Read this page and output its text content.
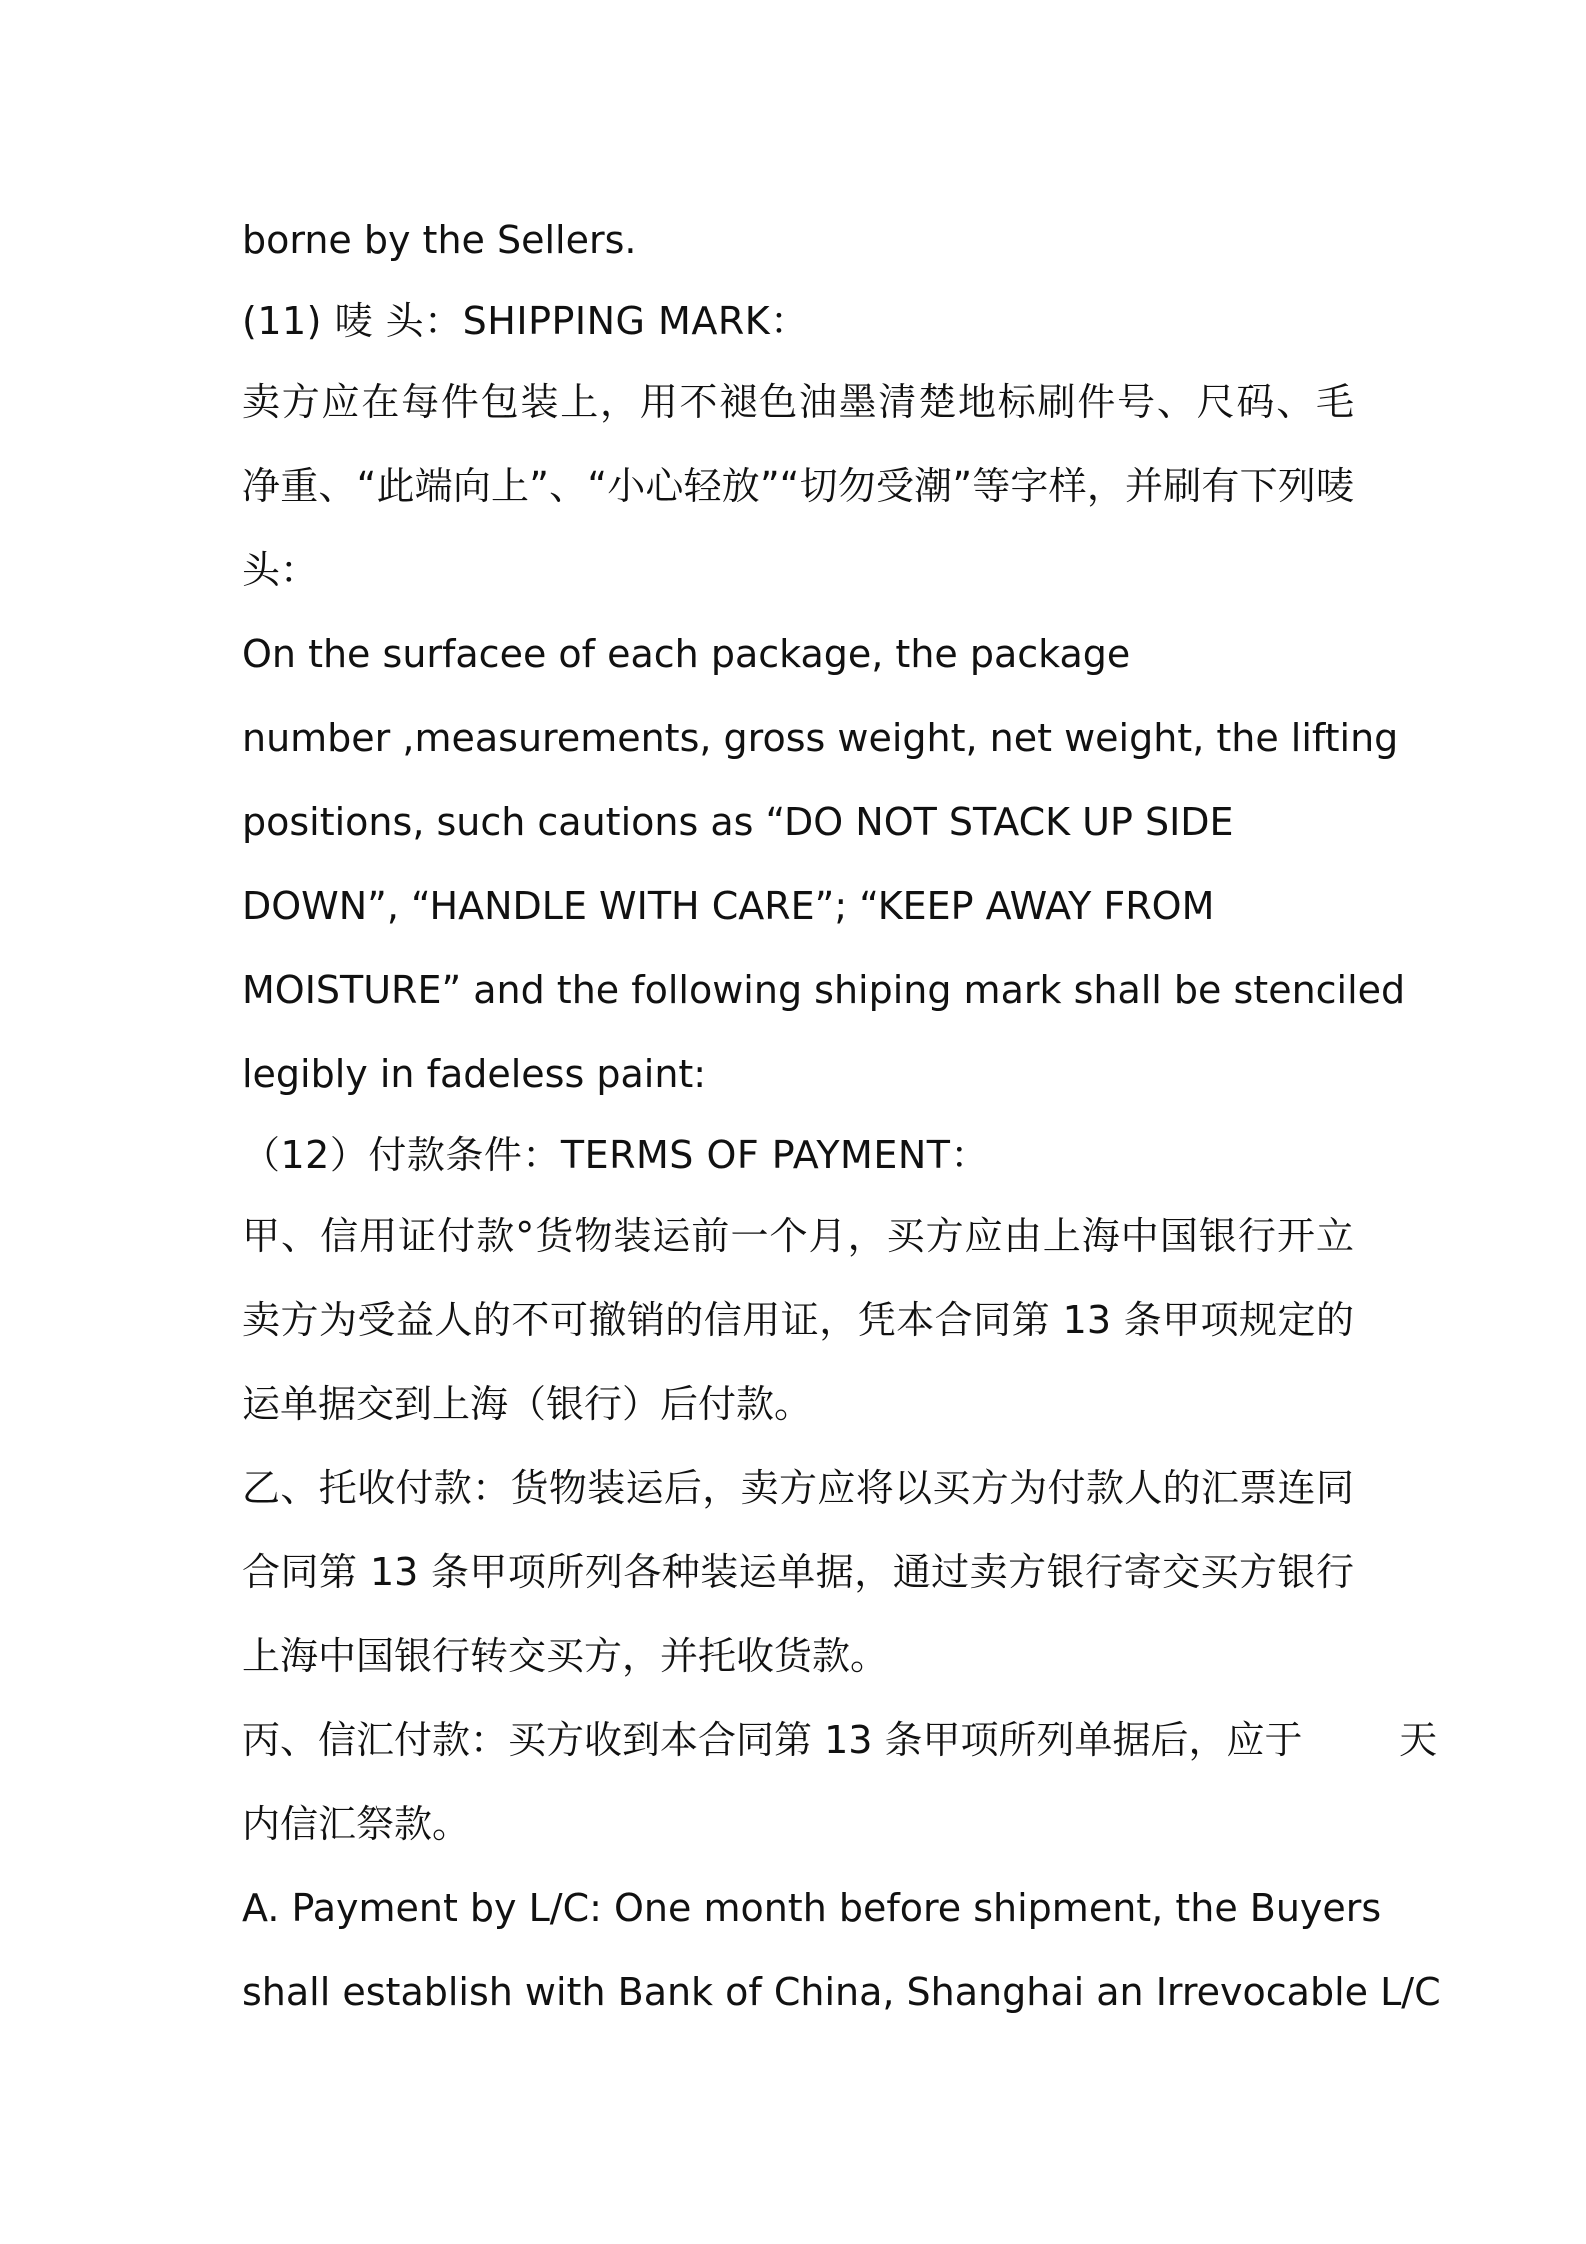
borne by the Sellers.
(11) 唛 头：SHIPPING MARK：
卖方应在每件包装上，用不褪色油墨清楚地标刷件号、尺码、毛
净重、“此端向上”、“小心轻放”“切勿受潮”等字样，并刷有下列唛
头：
On the surfacee of each package, the package
number ,measurements, gross weight, net weight, the lifting
positions, such cautions as “DO NOT STACK UP SIDE
DOWN”, “HANDLE WITH CARE”; “KEEP AWAY FROM
MOISTURE” and the following shiping mark shall be stenciled
legibly in fadeless paint:
（12）付款条件：TERMS OF PAYMENT：
甲、信用证付款°货物装运前一个月，买方应由上海中国银行开立
卖方为受益人的不可撤销的信用证，凭本合同第 13 条甲项规定的
运单据交到上海（银行）后付款。
乙、托收付款：货物装运后，卖方应将以买方为付款人的汇票连同
合同第 13 条甲项所列各种装运单据，通过卖方银行寄交买方银行
上海中国银行转交买方，并托收货款。
丙、信汇付款：买方收到本合同第 13 条甲项所列单据后，应于        天
内信汇祭款。
A. Payment by L/C: One month before shipment, the Buyers
shall establish with Bank of China, Shanghai an Irrevocable L/C
